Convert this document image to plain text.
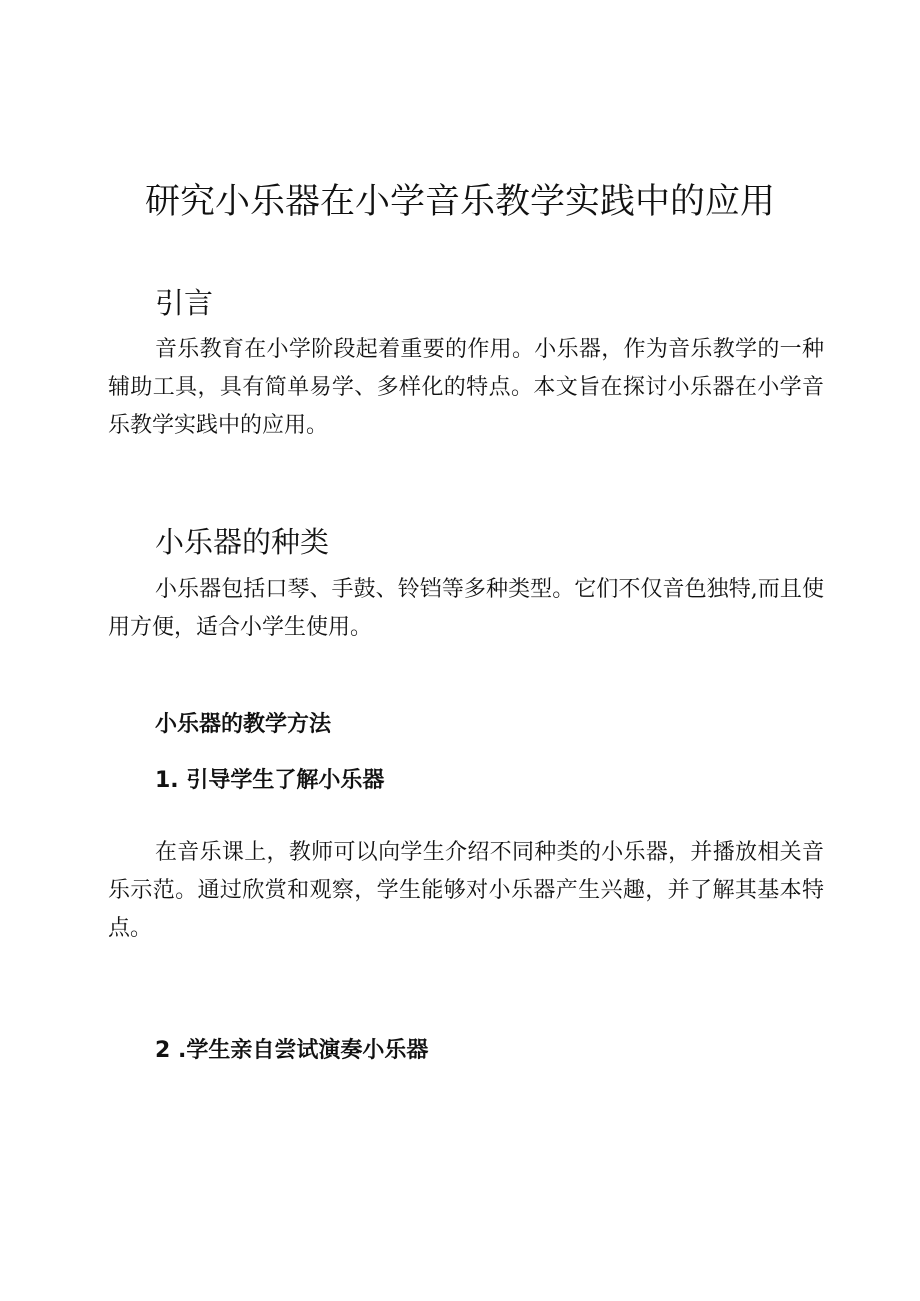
研究小乐器在小学音乐教学实践中的应用
引言

音乐教育在小学阶段起着重要的作用。小乐器，作为音乐教学的一种辅助工具，具有简单易学、多样化的特点。本文旨在探讨小乐器在小学音乐教学实践中的应用。

小乐器的种类

小乐器包括口琴、手鼓、铃铛等多种类型。它们不仅音色独特,而且使用方便，适合小学生使用。

小乐器的教学方法
1. 引导学生了解小乐器

在音乐课上，教师可以向学生介绍不同种类的小乐器，并播放相关音乐示范。通过欣赏和观察，学生能够对小乐器产生兴趣，并了解其基本特点。

2 .学生亲自尝试演奏小乐器
